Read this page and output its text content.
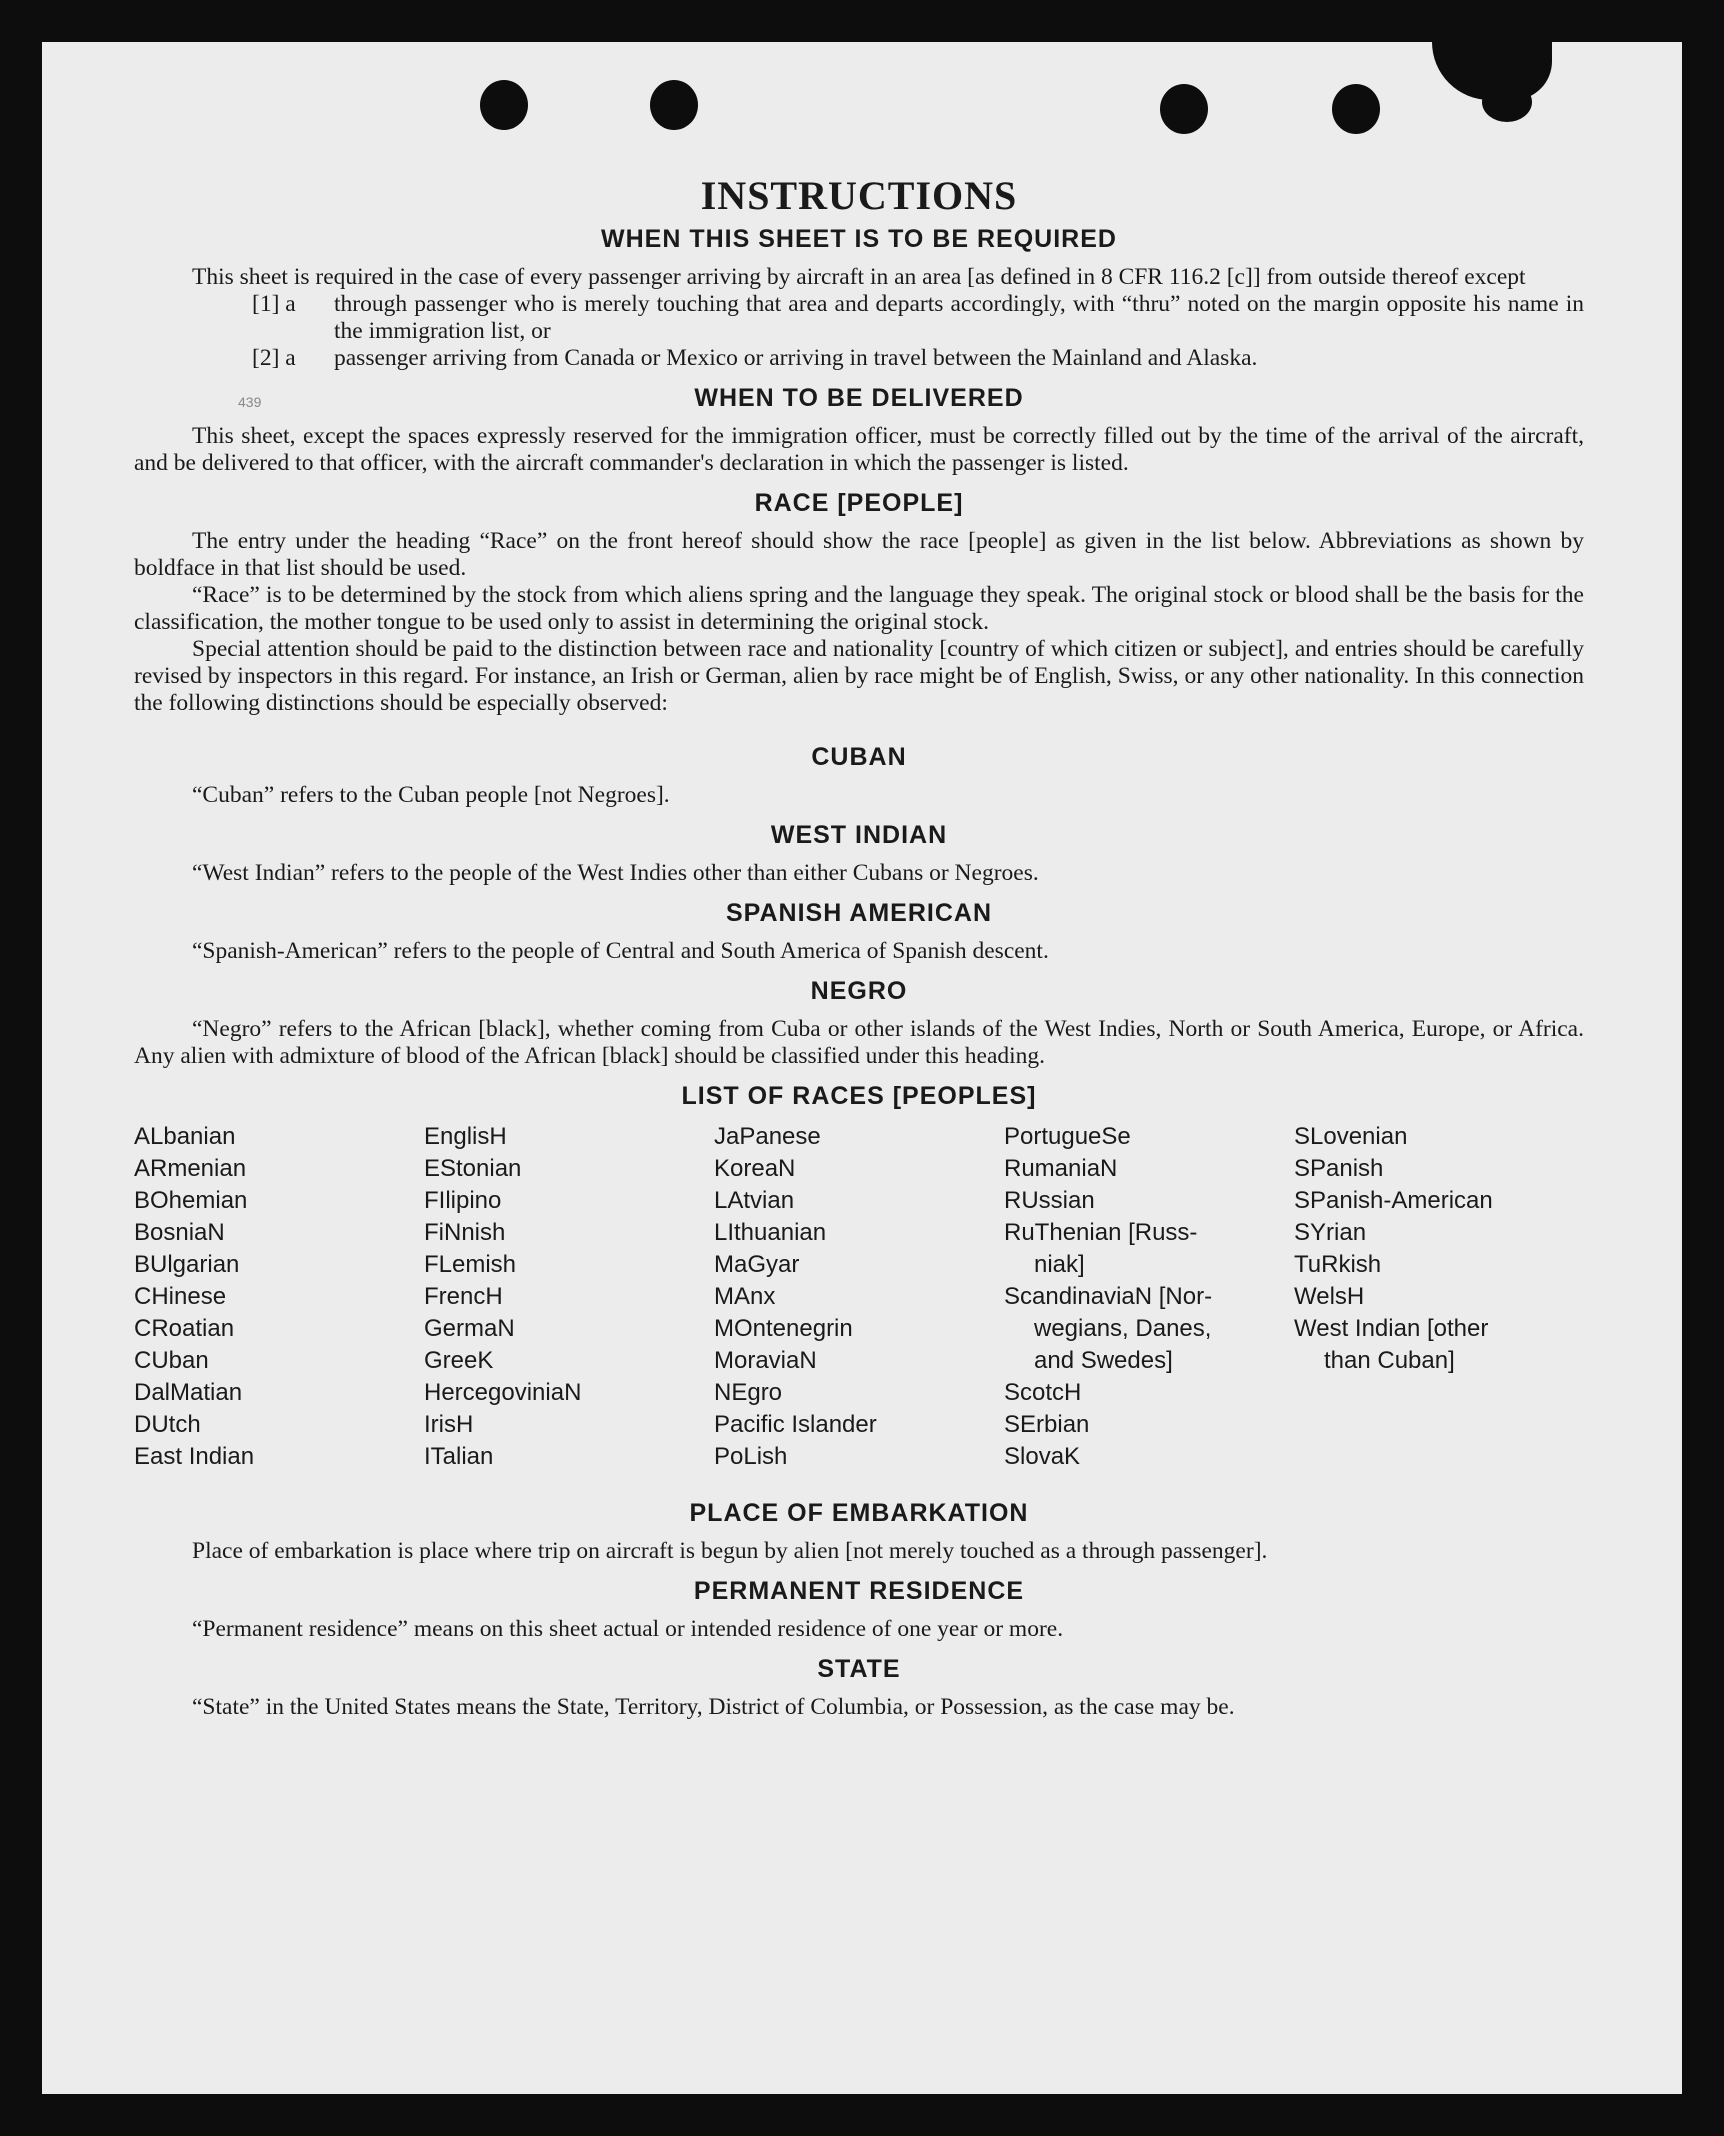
439
INSTRUCTIONS
WHEN THIS SHEET IS TO BE REQUIRED

This sheet is required in the case of every passenger arriving by aircraft in an area [as defined in 8 CFR 116.2 [c]] from outside thereof except

[1] a	through passenger who is merely touching that area and departs accordingly, with “thru” noted on the margin opposite his name in the immigration list, or
[2] a	passenger arriving from Canada or Mexico or arriving in travel between the Mainland and Alaska.
WHEN TO BE DELIVERED

This sheet, except the spaces expressly reserved for the immigration officer, must be correctly filled out by the time of the arrival of the aircraft, and be delivered to that officer, with the aircraft commander's declaration in which the passenger is listed.

RACE [PEOPLE]

The entry under the heading “Race” on the front hereof should show the race [people] as given in the list below. Abbreviations as shown by boldface in that list should be used.

“Race” is to be determined by the stock from which aliens spring and the language they speak. The original stock or blood shall be the basis for the classification, the mother tongue to be used only to assist in determining the original stock.

Special attention should be paid to the distinction between race and nationality [country of which citizen or subject], and entries should be carefully revised by inspectors in this regard. For instance, an Irish or German, alien by race might be of English, Swiss, or any other nationality. In this connection the following distinctions should be especially observed:

CUBAN

“Cuban” refers to the Cuban people [not Negroes].

WEST INDIAN

“West Indian” refers to the people of the West Indies other than either Cubans or Negroes.

SPANISH AMERICAN

“Spanish-American” refers to the people of Central and South America of Spanish descent.

NEGRO

“Negro” refers to the African [black], whether coming from Cuba or other islands of the West Indies, North or South America, Europe, or Africa. Any alien with admixture of blood of the African [black] should be classified under this heading.

LIST OF RACES [PEOPLES]
ALbanian
ARmenian
BOhemian
BosniaN
BUlgarian
CHinese
CRoatian
CUban
DalMatian
DUtch
East Indian
EnglisH
EStonian
FIlipino
FiNnish
FLemish
FrencH
GermaN
GreeK
HercegoviniaN
IrisH
ITalian
JaPanese
KoreaN
LAtvian
LIthuanian
MaGyar
MAnx
MOntenegrin
MoraviaN
NEgro
Pacific Islander
PoLish
PortugueSe
RumaniaN
RUssian
RuThenian [Russ-
niak]
ScandinaviaN [Nor-
wegians, Danes,
and Swedes]
ScotcH
SErbian
SlovaK
SLovenian
SPanish
SPanish-American
SYrian
TuRkish
WelsH
West Indian [other
than Cuban]
PLACE OF EMBARKATION

Place of embarkation is place where trip on aircraft is begun by alien [not merely touched as a through passenger].

PERMANENT RESIDENCE

“Permanent residence” means on this sheet actual or intended residence of one year or more.

STATE

“State” in the United States means the State, Territory, District of Columbia, or Possession, as the case may be.
